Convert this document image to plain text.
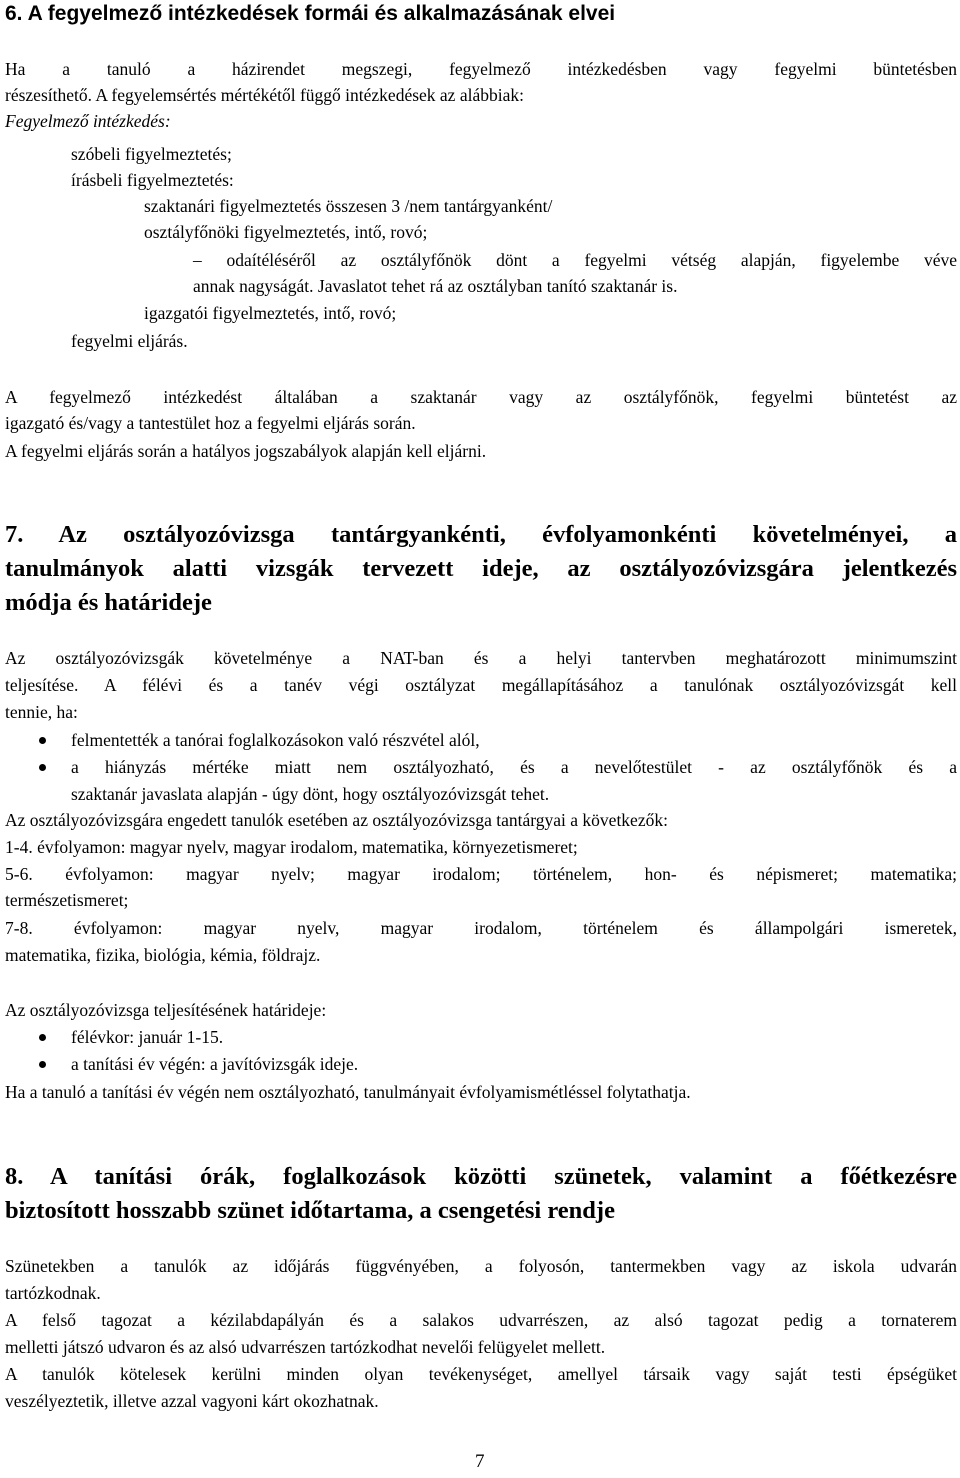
6. A fegyelmező intézkedések formái és alkalmazásának elvei
Ha a tanuló a házirendet megszegi, fegyelmező intézkedésben vagy fegyelmi büntetésben
részesíthető. A fegyelemsértés mértékétől függő intézkedések az alábbiak:
Fegyelmező intézkedés:
szóbeli figyelmeztetés;
írásbeli figyelmeztetés:
szaktanári figyelmeztetés összesen 3 /nem tantárgyanként/
osztályfőnöki figyelmeztetés, intő, rovó;
– odaítéléséről az osztályfőnök dönt a fegyelmi vétség alapján, figyelembe véve
annak nagyságát. Javaslatot tehet rá az osztályban tanító szaktanár is.
igazgatói figyelmeztetés, intő, rovó;
fegyelmi eljárás.
A fegyelmező intézkedést általában a szaktanár vagy az osztályfőnök, fegyelmi büntetést az
igazgató és/vagy a tantestület hoz a fegyelmi eljárás során.
A fegyelmi eljárás során a hatályos jogszabályok alapján kell eljárni.
7. Az osztályozóvizsga tantárgyankénti, évfolyamonkénti követelményei, a
tanulmányok alatti vizsgák tervezett ideje, az osztályozóvizsgára jelentkezés
módja és határideje
Az osztályozóvizsgák követelménye a NAT-ban és a helyi tantervben meghatározott minimumszint
teljesítése. A félévi és a tanév végi osztályzat megállapításához a tanulónak osztályozóvizsgát kell
tennie, ha:
felmentették a tanórai foglalkozásokon való részvétel alól,
a hiányzás mértéke miatt nem osztályozható, és a nevelőtestület - az osztályfőnök és a
szaktanár javaslata alapján - úgy dönt, hogy osztályozóvizsgát tehet.
Az osztályozóvizsgára engedett tanulók esetében az osztályozóvizsga tantárgyai a következők:
1-4. évfolyamon: magyar nyelv, magyar irodalom, matematika, környezetismeret;
5-6. évfolyamon: magyar nyelv; magyar irodalom; történelem, hon- és népismeret; matematika;
természetismeret;
7-8. évfolyamon: magyar nyelv, magyar irodalom, történelem és állampolgári ismeretek,
matematika, fizika, biológia, kémia, földrajz.
Az osztályozóvizsga teljesítésének határideje:
félévkor: január 1-15.
a tanítási év végén: a javítóvizsgák ideje.
Ha a tanuló a tanítási év végén nem osztályozható, tanulmányait évfolyamismétléssel folytathatja.
8. A tanítási órák, foglalkozások közötti szünetek, valamint a főétkezésre
biztosított hosszabb szünet időtartama, a csengetési rendje
Szünetekben a tanulók az időjárás függvényében, a folyosón, tantermekben vagy az iskola udvarán
tartózkodnak.
A felső tagozat a kézilabdapályán és a salakos udvarrészen, az alsó tagozat pedig a tornaterem
melletti játszó udvaron és az alsó udvarrészen tartózkodhat nevelői felügyelet mellett.
A tanulók kötelesek kerülni minden olyan tevékenységet, amellyel társaik vagy saját testi épségüket
veszélyeztetik, illetve azzal vagyoni kárt okozhatnak.
7
